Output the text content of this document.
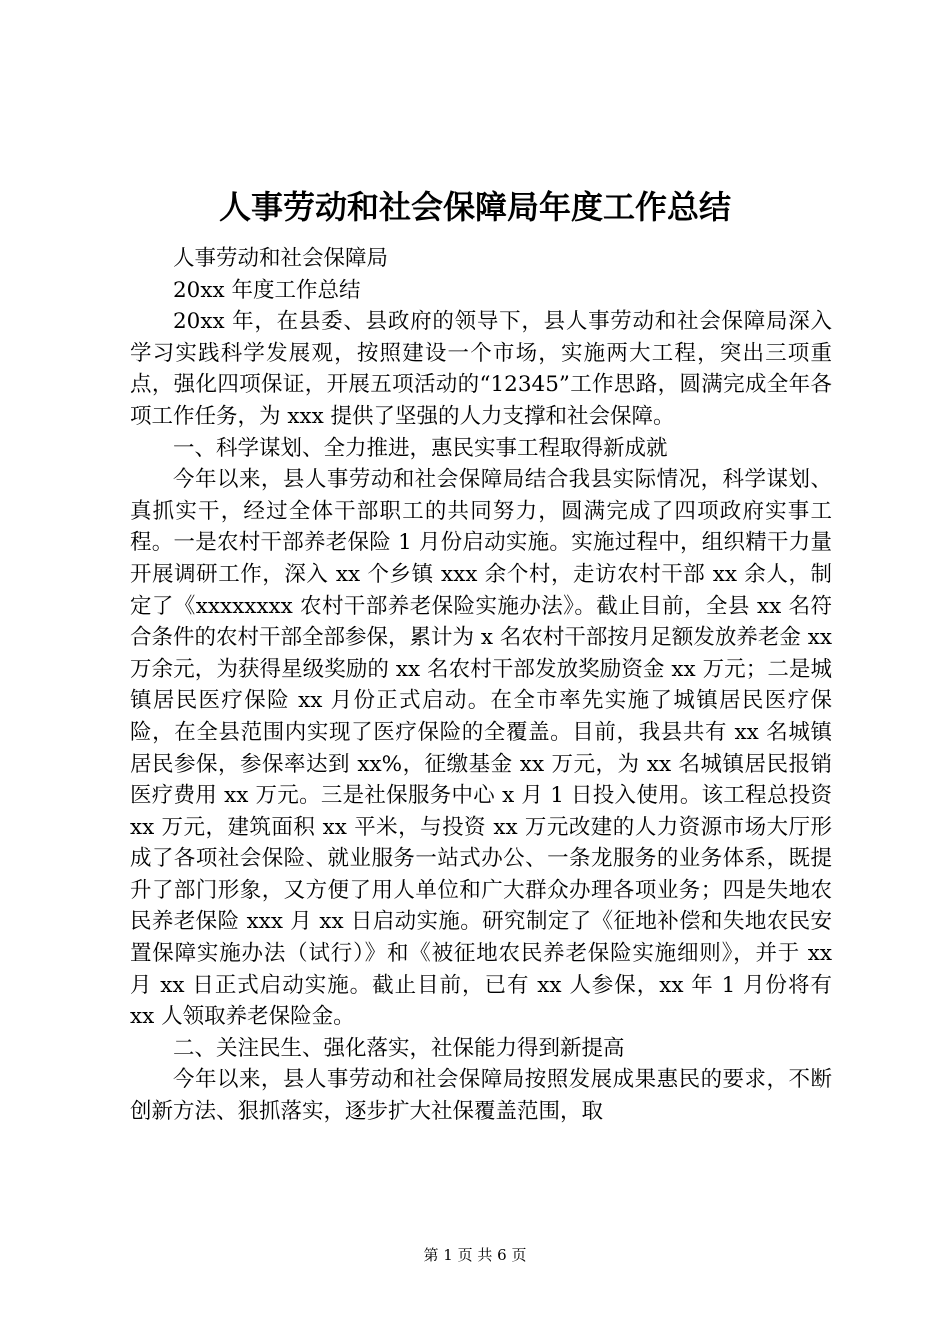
人事劳动和社会保障局年度工作总结

人事劳动和社会保障局

20xx 年度工作总结

20xx 年，在县委、县政府的领导下，县人事劳动和社会保障局深入学习实践科学发展观，按照建设一个市场，实施两大工程，突出三项重点，强化四项保证，开展五项活动的“12345”工作思路，圆满完成全年各项工作任务，为 xxx 提供了坚强的人力支撑和社会保障。

一、科学谋划、全力推进，惠民实事工程取得新成就

今年以来，县人事劳动和社会保障局结合我县实际情况，科学谋划、真抓实干，经过全体干部职工的共同努力，圆满完成了四项政府实事工程。一是农村干部养老保险 1 月份启动实施。实施过程中，组织精干力量开展调研工作，深入 xx 个乡镇 xxx 余个村，走访农村干部 xx 余人，制定了《xxxxxxxx 农村干部养老保险实施办法》。截止目前，全县 xx 名符合条件的农村干部全部参保，累计为 x 名农村干部按月足额发放养老金 xx 万余元，为获得星级奖励的 xx 名农村干部发放奖励资金 xx 万元；二是城镇居民医疗保险 xx 月份正式启动。在全市率先实施了城镇居民医疗保险，在全县范围内实现了医疗保险的全覆盖。目前，我县共有 xx 名城镇居民参保，参保率达到 xx%，征缴基金 xx 万元，为 xx 名城镇居民报销医疗费用 xx 万元。三是社保服务中心 x 月 1 日投入使用。该工程总投资 xx 万元，建筑面积 xx 平米，与投资 xx 万元改建的人力资源市场大厅形成了各项社会保险、就业服务一站式办公、一条龙服务的业务体系，既提升了部门形象，又方便了用人单位和广大群众办理各项业务；四是失地农民养老保险 xxx 月 xx 日启动实施。研究制定了《征地补偿和失地农民安置保障实施办法（试行）》和《被征地农民养老保险实施细则》，并于 xx 月 xx 日正式启动实施。截止目前，已有 xx 人参保，xx 年 1 月份将有 xx 人领取养老保险金。

二、关注民生、强化落实，社保能力得到新提高

今年以来，县人事劳动和社会保障局按照发展成果惠民的要求，不断创新方法、狠抓落实，逐步扩大社保覆盖范围，取

第 1 页 共 6 页
